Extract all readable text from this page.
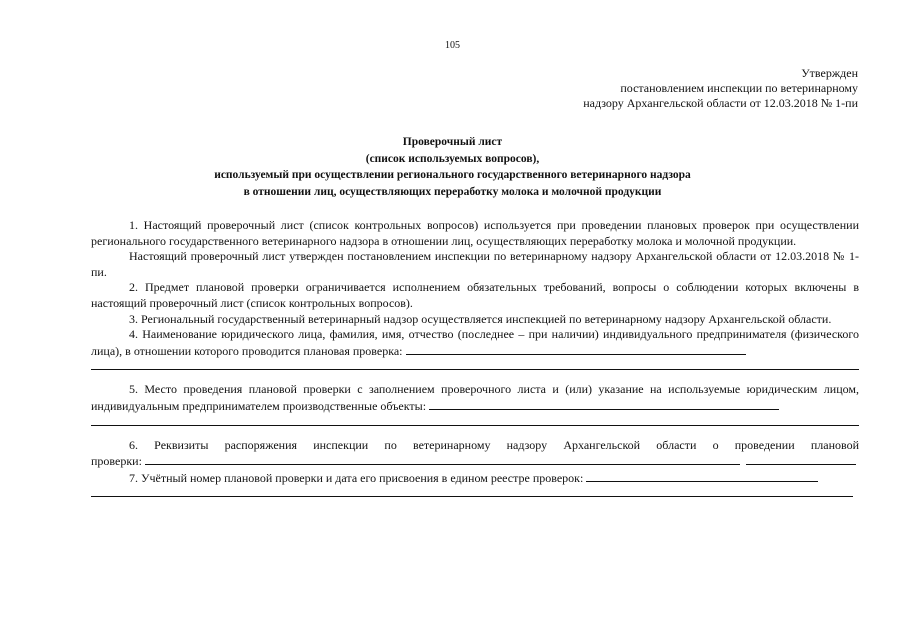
105
Утвержден
постановлением инспекции по ветеринарному
надзору Архангельской области от 12.03.2018 № 1-пи
Проверочный лист
(список используемых вопросов),
используемый при осуществлении регионального государственного ветеринарного надзора
в отношении лиц, осуществляющих переработку молока и молочной продукции

1. Настоящий проверочный лист (список контрольных вопросов) используется при проведении плановых проверок при осуществлении регионального государственного ветеринарного надзора в отношении лиц, осуществляющих переработку молока и молочной продукции.

Настоящий проверочный лист утвержден постановлением инспекции по ветеринарному надзору Архангельской области от 12.03.2018 № 1-пи.

2. Предмет плановой проверки ограничивается исполнением обязательных требований, вопросы о соблюдении которых включены в настоящий проверочный лист (список контрольных вопросов).

3. Региональный государственный ветеринарный надзор осуществляется инспекцией по ветеринарному надзору Архангельской области.

4. Наименование юридического лица, фамилия, имя, отчество (последнее – при наличии) индивидуального предпринимателя (физического лица), в отношении которого проводится плановая проверка:

5. Место проведения плановой проверки с заполнением проверочного листа и (или) указание на используемые юридическим лицом, индивидуальным предпринимателем производственные объекты:

6. Реквизиты распоряжения инспекции по ветеринарному надзору Архангельской области о проведении плановой

проверки:

7. Учётный номер плановой проверки и дата его присвоения в едином реестре проверок:
